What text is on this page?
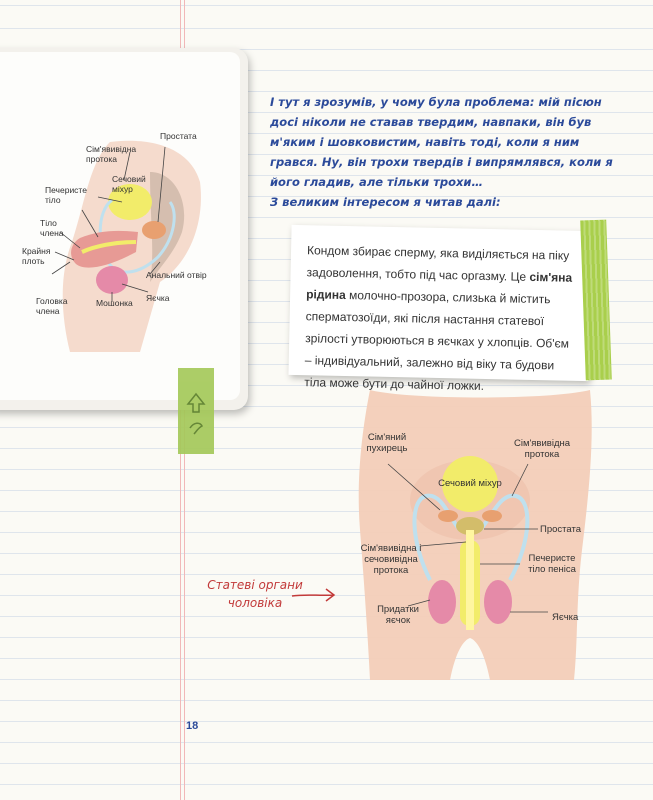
Сім'явивідна протока
Простата
Сечовий міхур
Печеристе тіло
Тіло члена
Крайня плоть
Анальний отвір
Головка члена
Мошонка Яєчка

І тут я зрозумів, у чому була проблема: мій пісюн досі ніколи не ставав твердим, навпаки, він був м'яким і шовковистим, навіть тоді, коли я ним грався. Ну, він трохи твердів і випрямлявся, коли я його гладив, але тільки трохи…

З великим інтересом я читав далі:

Сім'яний пухирець	Сім'явивідна протока
Сечовий міхур
Простата
Сім'явивідна і сечовивідна протока
Печеристе тіло пеніса
Придатки яєчок	Яєчка

Кондом збирає сперму, яка виділяється на піку задоволення, тобто під час оргазму. Це сім'яна рідина молочно-прозора, слизька й містить сперматозоїди, які після настання статевої зрілості утворюються в яєчках у хлопців. Об'єм – індивідуальний, залежно від віку та будови тіла може бути до чайної ложки.

Статеві органи чоловіка
18
